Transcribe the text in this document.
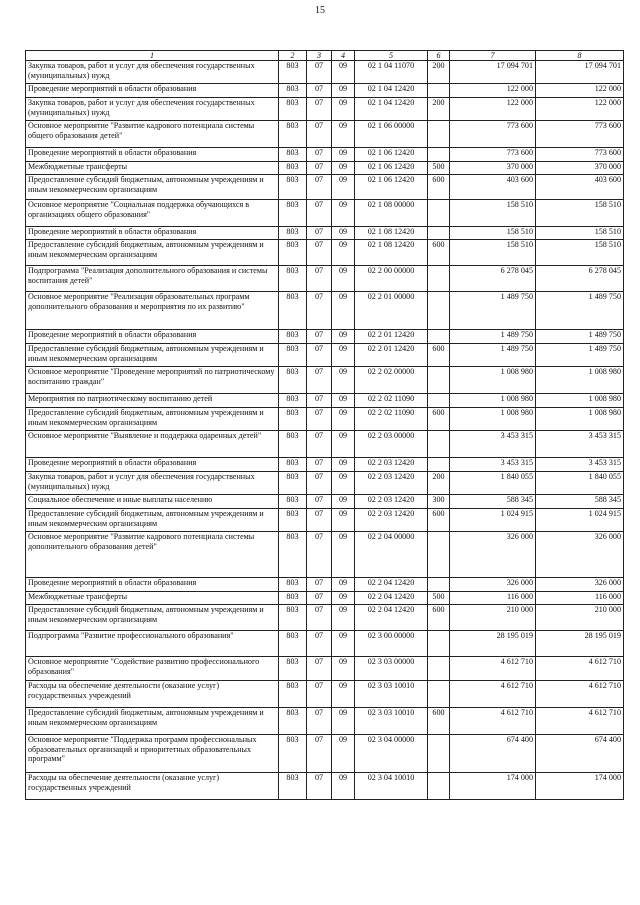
15
1	2	3	4	5	6	7	8
Закупка товаров, работ и услуг для обеспечения государственных (муниципальных) нужд	803	07	09	02 1 04 11070	200	17 094 701	17 094 701
Проведение мероприятий в области образования	803	07	09	02 1 04 12420		122 000	122 000
Закупка товаров, работ и услуг для обеспечения государственных (муниципальных) нужд	803	07	09	02 1 04 12420	200	122 000	122 000
Основное мероприятие "Развитие кадрового потенциала системы общего образования детей"	803	07	09	02 1 06 00000		773 600	773 600
Проведение мероприятий в области образования	803	07	09	02 1 06 12420		773 600	773 600
Межбюджетные трансферты	803	07	09	02 1 06 12420	500	370 000	370 000
Предоставление субсидий бюджетным, автономным учреждениям и иным некоммерческим организациям	803	07	09	02 1 06 12420	600	403 600	403 600
Основное мероприятие "Социальная поддержка обучающихся в организациях общего образования"	803	07	09	02 1 08 00000		158 510	158 510
Проведение мероприятий в области образования	803	07	09	02 1 08 12420		158 510	158 510
Предоставление субсидий бюджетным, автономным учреждениям и иным некоммерческим организациям	803	07	09	02 1 08 12420	600	158 510	158 510
Подпрограмма "Реализация дополнительного образования и системы воспитания детей"	803	07	09	02 2 00 00000		6 278 045	6 278 045
Основное мероприятие "Реализация образовательных программ дополнительного образования и мероприятия по их развитию"	803	07	09	02 2 01 00000		1 489 750	1 489 750
Проведение мероприятий в области образования	803	07	09	02 2 01 12420		1 489 750	1 489 750
Предоставление субсидий бюджетным, автономным учреждениям и иным некоммерческим организациям	803	07	09	02 2 01 12420	600	1 489 750	1 489 750
Основное мероприятие "Проведение мероприятий по патриотическому воспитанию граждан"	803	07	09	02 2 02 00000		1 008 980	1 008 980
Мероприятия по патриотическому воспитанию детей	803	07	09	02 2 02 11090		1 008 980	1 008 980
Предоставление субсидий бюджетным, автономным учреждениям и иным некоммерческим организациям	803	07	09	02 2 02 11090	600	1 008 980	1 008 980
Основное мероприятие "Выявление и поддержка одаренных детей"	803	07	09	02 2 03 00000		3 453 315	3 453 315
Проведение мероприятий в области образования	803	07	09	02 2 03 12420		3 453 315	3 453 315
Закупка товаров, работ и услуг для обеспечения государственных (муниципальных) нужд	803	07	09	02 2 03 12420	200	1 840 055	1 840 055
Социальное обеспечение и иные выплаты населению	803	07	09	02 2 03 12420	300	588 345	588 345
Предоставление субсидий бюджетным, автономным учреждениям и иным некоммерческим организациям	803	07	09	02 2 03 12420	600	1 024 915	1 024 915
Основное мероприятие "Развитие кадрового потенциала системы дополнительного образования детей"	803	07	09	02 2 04 00000		326 000	326 000
Проведение мероприятий в области образования	803	07	09	02 2 04 12420		326 000	326 000
Межбюджетные трансферты	803	07	09	02 2 04 12420	500	116 000	116 000
Предоставление субсидий бюджетным, автономным учреждениям и иным некоммерческим организациям	803	07	09	02 2 04 12420	600	210 000	210 000
Подпрограмма "Развитие профессионального образования"	803	07	09	02 3 00 00000		28 195 019	28 195 019
Основное мероприятие "Содействие развитию профессионального образования"	803	07	09	02 3 03 00000		4 612 710	4 612 710
Расходы на обеспечение деятельности (оказание услуг) государственных учреждений	803	07	09	02 3 03 10010		4 612 710	4 612 710
Предоставление субсидий бюджетным, автономным учреждениям и иным некоммерческим организациям	803	07	09	02 3 03 10010	600	4 612 710	4 612 710
Основное мероприятие "Поддержка программ профессиональных образовательных организаций и приоритетных образовательных программ"	803	07	09	02 3 04 00000		674 400	674 400
Расходы на обеспечение деятельности (оказание услуг) государственных учреждений	803	07	09	02 3 04 10010		174 000	174 000
